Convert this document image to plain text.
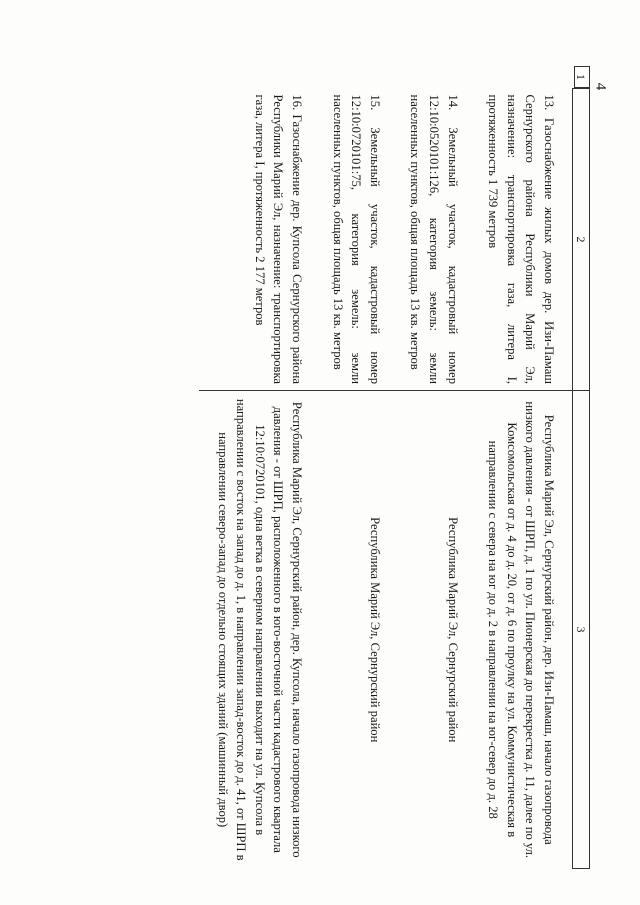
4
2	3

13. Газоснабжение жилых домов дер. Изи-Памаш Сернурского района Республики Марий Эл, назначение: транспортировка газа, литера I, протяженность 1 739 метров	Республика Марий Эл, Сернурский район, дер. Изи-Памаш, начало газопровода низкого давления - от ШРП, д. 1 по ул. Пионерская до перекрестка д. 11, далее по ул. Комсомольская от д. 4 до д. 20, от д. 6 по проулку на ул. Коммунистическая в направлении с севера на юг до д. 2 в направлении на юг-север до д. 28
14. Земельный участок, кадастровый номер 12:10:0520101:126, категория земель: земли населенных пунктов, общая площадь 13 кв. метров	Республика Марий Эл, Сернурский район
15. Земельный участок, кадастровый номер 12:10:0720101:75, категория земель: земли населенных пунктов, общая площадь 13 кв. метров	Республика Марий Эл, Сернурский район
16. Газоснабжение дер. Купсола Сернурского района Республики Марий Эл, назначение: транспортировка газа, литера I, протяженность 2 177 метров	Республика Марий Эл, Сернурский район, дер. Купсола, начало газопровода низкого давления - от ШРП, расположенного в юго-восточной части кадастрового квартала 12:10:0720101, одна ветка в северном направлении выходит на ул. Купсола в направлении с восток на запад до д. 1, в направлении запад-восток до д. 41, от ШРП в направлении северо-запад до отдельно стоящих зданий (машинный двор)
1
